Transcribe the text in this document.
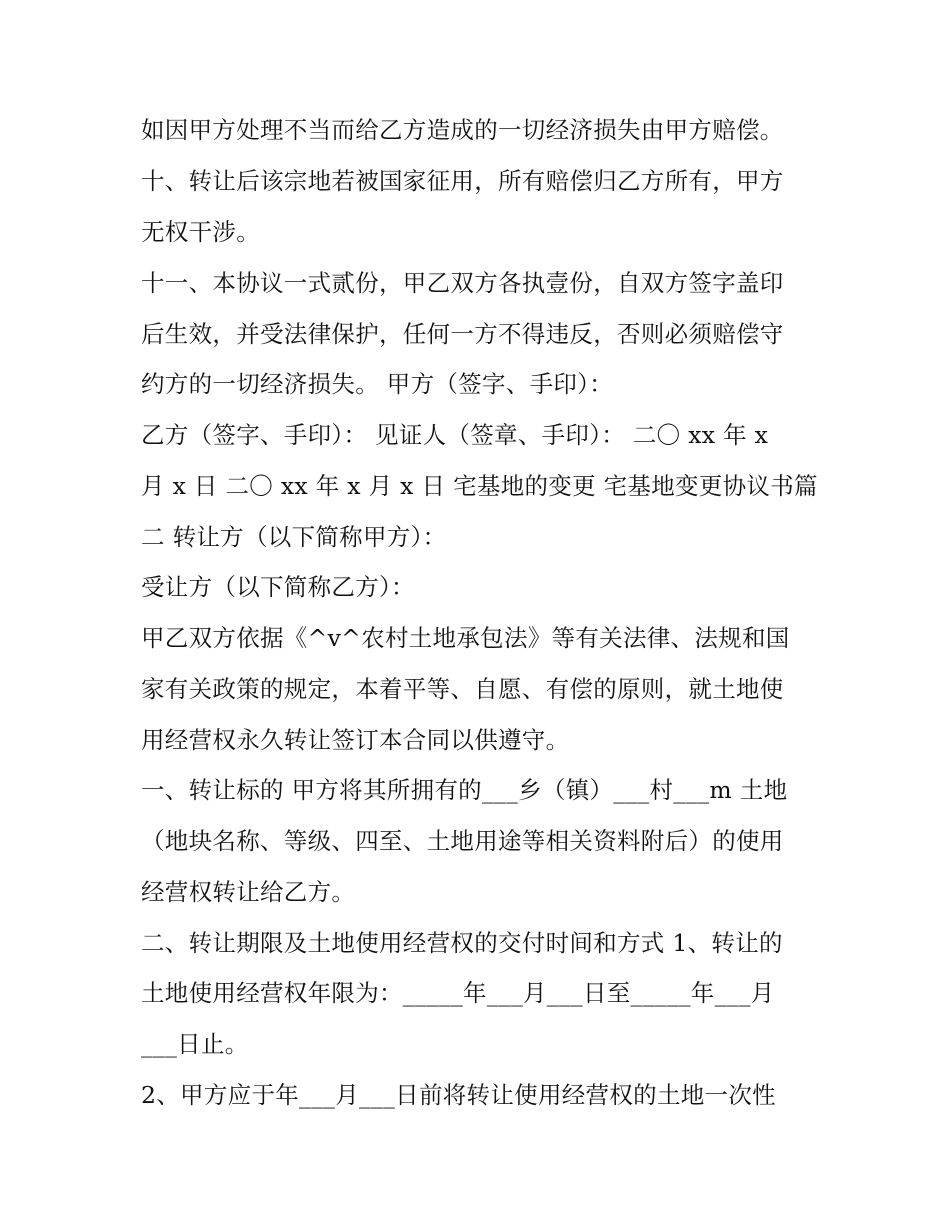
如因甲方处理不当而给乙方造成的一切经济损失由甲方赔偿。

十、转让后该宗地若被国家征用，所有赔偿归乙方所有，甲方

无权干涉。

十一、本协议一式贰份，甲乙双方各执壹份，自双方签字盖印

后生效，并受法律保护，任何一方不得违反，否则必须赔偿守

约方的一切经济损失。 甲方（签字、手印）：

乙方（签字、手印）： 见证人（签章、手印）： 二〇 xx 年 x

月 x 日 二〇 xx 年 x 月 x 日 宅基地的变更 宅基地变更协议书篇

二 转让方（以下简称甲方）：

受让方（以下简称乙方）：

甲乙双方依据《^v^农村土地承包法》等有关法律、法规和国

家有关政策的规定，本着平等、自愿、有偿的原则，就土地使

用经营权永久转让签订本合同以供遵守。

一、转让标的 甲方将其所拥有的___乡（镇）___村___m 土地

（地块名称、等级、四至、土地用途等相关资料附后）的使用

经营权转让给乙方。

二、转让期限及土地使用经营权的交付时间和方式 1、转让的

土地使用经营权年限为：_____年___月___日至_____年___月

___日止。

2、甲方应于年___月___日前将转让使用经营权的土地一次性
